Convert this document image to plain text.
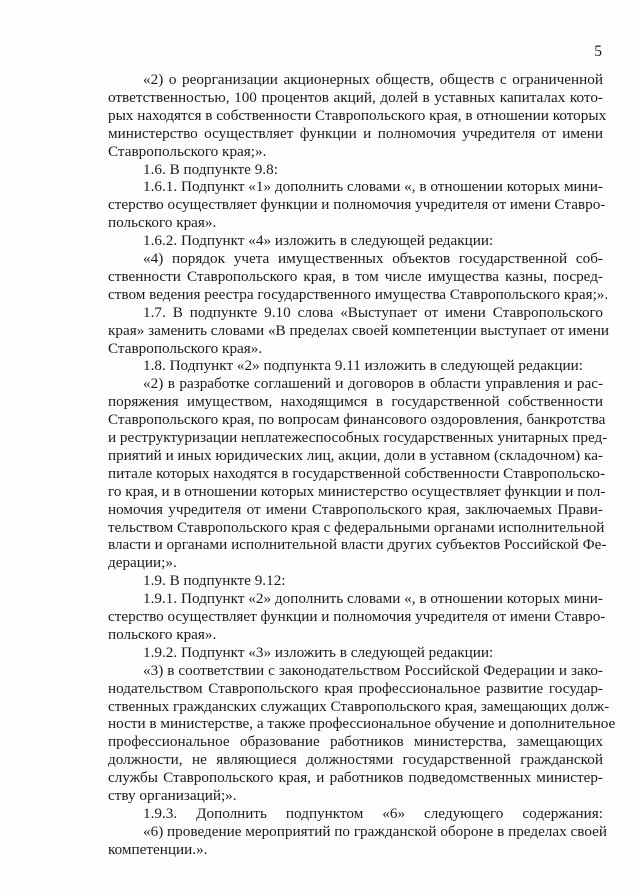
5
«2) о реорганизации акционерных обществ, обществ с ограниченной
ответственностью, 100 процентов акций, долей в уставных капиталах кото-
рых находятся в собственности Ставропольского края, в отношении которых
министерство осуществляет функции и полномочия учредителя от имени
Ставропольского края;».
1.6. В подпункте 9.8:
1.6.1. Подпункт «1» дополнить словами «, в отношении которых мини-
стерство осуществляет функции и полномочия учредителя от имени Ставро-
польского края».
1.6.2. Подпункт «4» изложить в следующей редакции:
«4) порядок учета имущественных объектов государственной соб-
ственности Ставропольского края, в том числе имущества казны, посред-
ством ведения реестра государственного имущества Ставропольского края;».
1.7. В подпункте 9.10 слова «Выступает от имени Ставропольского
края» заменить словами «В пределах своей компетенции выступает от имени
Ставропольского края».
1.8. Подпункт «2» подпункта 9.11 изложить в следующей редакции:
«2) в разработке соглашений и договоров в области управления и рас-
поряжения имуществом, находящимся в государственной собственности
Ставропольского края, по вопросам финансового оздоровления, банкротства
и реструктуризации неплатежеспособных государственных унитарных пред-
приятий и иных юридических лиц, акции, доли в уставном (складочном) ка-
питале которых находятся в государственной собственности Ставропольско-
го края, и в отношении которых министерство осуществляет функции и пол-
номочия учредителя от имени Ставропольского края, заключаемых Прави-
тельством Ставропольского края с федеральными органами исполнительной
власти и органами исполнительной власти других субъектов Российской Фе-
дерации;».
1.9. В подпункте 9.12:
1.9.1. Подпункт «2» дополнить словами «, в отношении которых мини-
стерство осуществляет функции и полномочия учредителя от имени Ставро-
польского края».
1.9.2. Подпункт «3» изложить в следующей редакции:
«3) в соответствии с законодательством Российской Федерации и зако-
нодательством Ставропольского края профессиональное развитие государ-
ственных гражданских служащих Ставропольского края, замещающих долж-
ности в министерстве, а также профессиональное обучение и дополнительное
профессиональное образование работников министерства, замещающих
должности, не являющиеся должностями государственной гражданской
службы Ставропольского края, и работников подведомственных министер-
ству организаций;».
1.9.3. Дополнить подпунктом «6» следующего содержания:
«6) проведение мероприятий по гражданской обороне в пределах своей
компетенции.».
